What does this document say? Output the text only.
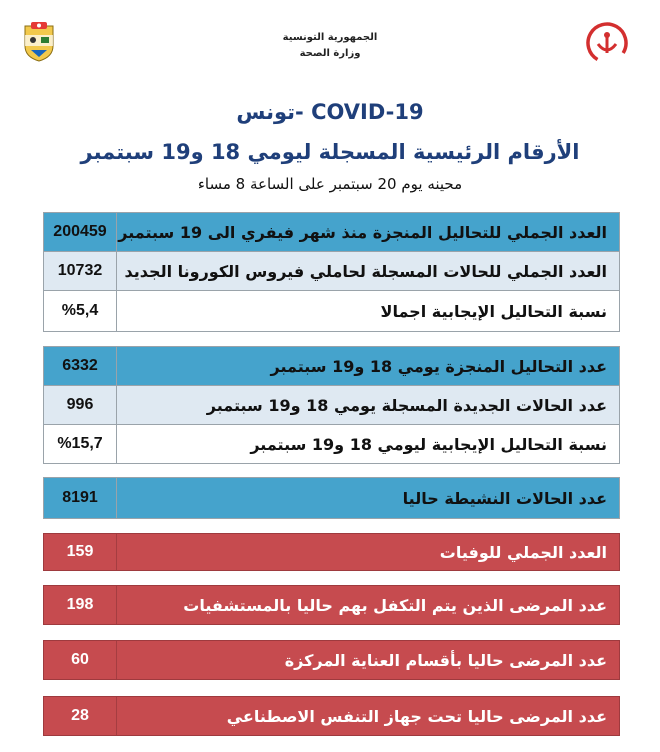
الجمهورية التونسية
وزارة الصحة
COVID-19 -تونس
الأرقام الرئيسية المسجلة ليومي 18 و19 سبتمبر
محينه يوم 20 سبتمبر على الساعة 8 مساء
200459 العدد الجملي للتحاليل المنجزة منذ شهر فيفري الى 19 سبتمبر
10732	العدد الجملي للحالات المسجلة لحاملي فيروس الكورونا الجديد
%5,4	نسبة التحاليل الإيجابية اجمالا
6332	عدد التحاليل المنجزة يومي 18 و19 سبتمبر
996	عدد الحالات الجديدة المسجلة يومي 18 و19 سبتمبر
%15,7	نسبة التحاليل الإيجابية ليومي 18 و19 سبتمبر
8191	عدد الحالات النشيطة حاليا
159	العدد الجملي للوفيات
198	عدد المرضى الذين يتم التكفل بهم حاليا بالمستشفيات
60	عدد المرضى حاليا بأقسام العناية المركزة
28	عدد المرضى حاليا تحت جهاز التنفس الاصطناعي
